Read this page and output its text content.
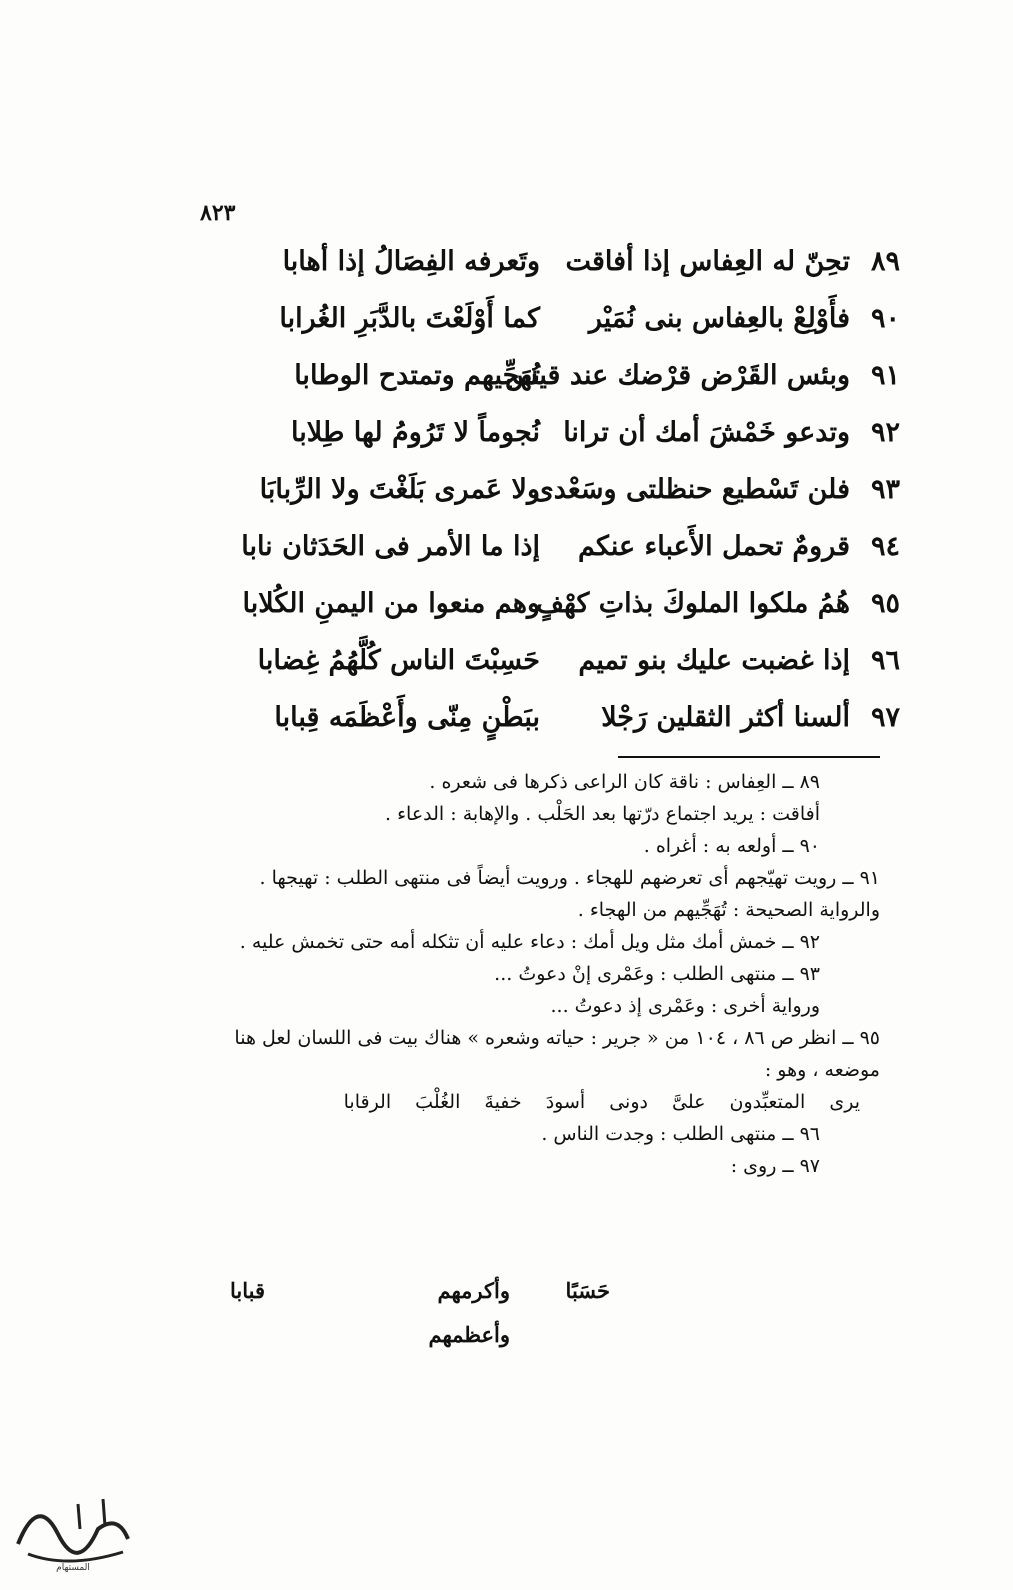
٨٢٣
٨٩
تحِنّ له العِفاس إذا أفاقت
وتَعرفه الفِصَالُ إذا أهابا
٩٠
فأَوْلِعْ بالعِفاس بنى نُمَيْر
كما أَوْلَعْتَ بالدَّبَرِ الغُرابا
٩١
وبئس القَرْض قرْضك عند قيس
تُهَجِّيهم وتمتدح الوطابا
٩٢
وتدعو خَمْشَ أمك أن ترانا
نُجوماً لا تَرُومُ لها طِلابا
٩٣
فلن تَسْطيع حنظلتى وسَعْدى
ولا عَمرى بَلَغْتَ ولا الرِّبابَا
٩٤
قرومٌ تحمل الأَعباء عنكم
إذا ما الأمر فى الحَدَثان نابا
٩٥
هُمُ ملكوا الملوكَ بذاتِ كهْفٍ
وهم منعوا من اليمنِ الكُلابا
٩٦
إذا غضبت عليك بنو تميم
حَسِبْتَ الناس كُلَّهُمُ غِضابا
٩٧
ألسنا أكثر الثقلين رَجْلا
ببَطْنٍ مِنّى وأَعْظَمَه قِبابا

٨٩ ــ العِفاس : ناقة كان الراعى ذكرها فى شعره .

أفاقت : يريد اجتماع درّتها بعد الحَلْب . والإهابة : الدعاء .

٩٠ ــ أولعه به : أغراه .

٩١ ــ رويت تهيّجهم أى تعرضهم للهجاء . ورويت أيضاً فى منتهى الطلب : تهيجها . والرواية الصحيحة : تُهَجِّيهم من الهجاء .

٩٢ ــ خمش أمك مثل ويل أمك : دعاء عليه أن تثكله أمه حتى تخمش عليه .

٩٣ ــ منتهى الطلب : وعَمْرى إنْ دعوتُ ...

ورواية أخرى : وعَمْرى إذ دعوتُ ...

٩٥ ــ انظر ص ٨٦ ، ١٠٤ من « جرير : حياته وشعره » هناك بيت فى اللسان لعل هنا موضعه ، وهو :

يرى المتعبِّدون علىَّ دونى أسودَ خفيةَ الغُلْبَ الرقابا

٩٦ ــ منتهى الطلب : وجدت الناس .

٩٧ ــ روى :

حَسَبًا
وأكرمهم
قبابا
وأعظمهم
المستهام
